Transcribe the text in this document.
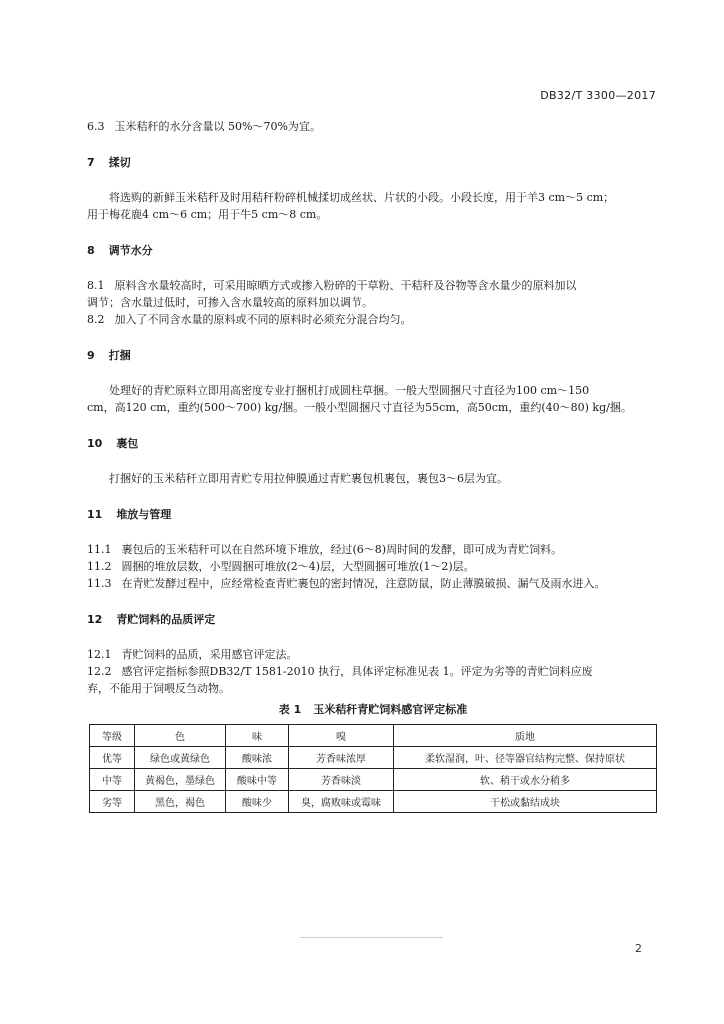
DB32/T 3300—2017

6.3 玉米秸秆的水分含量以 50%～70%为宜。

7 揉切

将选购的新鲜玉米秸秆及时用秸秆粉碎机械揉切成丝状、片状的小段。小段长度，用于羊3 cm～5 cm；
用于梅花鹿4 cm～6 cm；用于牛5 cm～8 cm。

8 调节水分

8.1 原料含水量较高时，可采用晾晒方式或掺入粉碎的干草粉、干秸秆及谷物等含水量少的原料加以
调节；含水量过低时，可掺入含水量较高的原料加以调节。

8.2 加入了不同含水量的原料或不同的原料时必须充分混合均匀。

9 打捆

处理好的青贮原料立即用高密度专业打捆机打成圆柱草捆。一般大型圆捆尺寸直径为100 cm～150
cm，高120 cm，重约(500～700) kg/捆。一般小型圆捆尺寸直径为55cm，高50cm，重约(40～80) kg/捆。

10 裹包

打捆好的玉米秸秆立即用青贮专用拉伸膜通过青贮裹包机裹包，裹包3～6层为宜。

11 堆放与管理

11.1 裹包后的玉米秸秆可以在自然环境下堆放，经过(6～8)周时间的发酵，即可成为青贮饲料。

11.2 圆捆的堆放层数，小型圆捆可堆放(2～4)层，大型圆捆可堆放(1～2)层。

11.3 在青贮发酵过程中，应经常检查青贮裹包的密封情况，注意防鼠，防止薄膜破损、漏气及雨水进入。

12 青贮饲料的品质评定

12.1 青贮饲料的品质，采用感官评定法。

12.2 感官评定指标参照DB32/T 1581-2010 执行，具体评定标准见表 1。评定为劣等的青贮饲料应废
弃，不能用于饲喂反刍动物。

表 1 玉米秸秆青贮饲料感官评定标准

等级	色	味	嗅	质地
优等	绿色或黄绿色	酸味浓	芳香味浓厚	柔软湿润，叶、径等器官结构完整、保持原状
中等	黄褐色，墨绿色	酸味中等	芳香味淡	软、稍干或水分稍多
劣等	黑色，褐色	酸味少	臭，腐败味或霉味	干松或黏结成块
2
